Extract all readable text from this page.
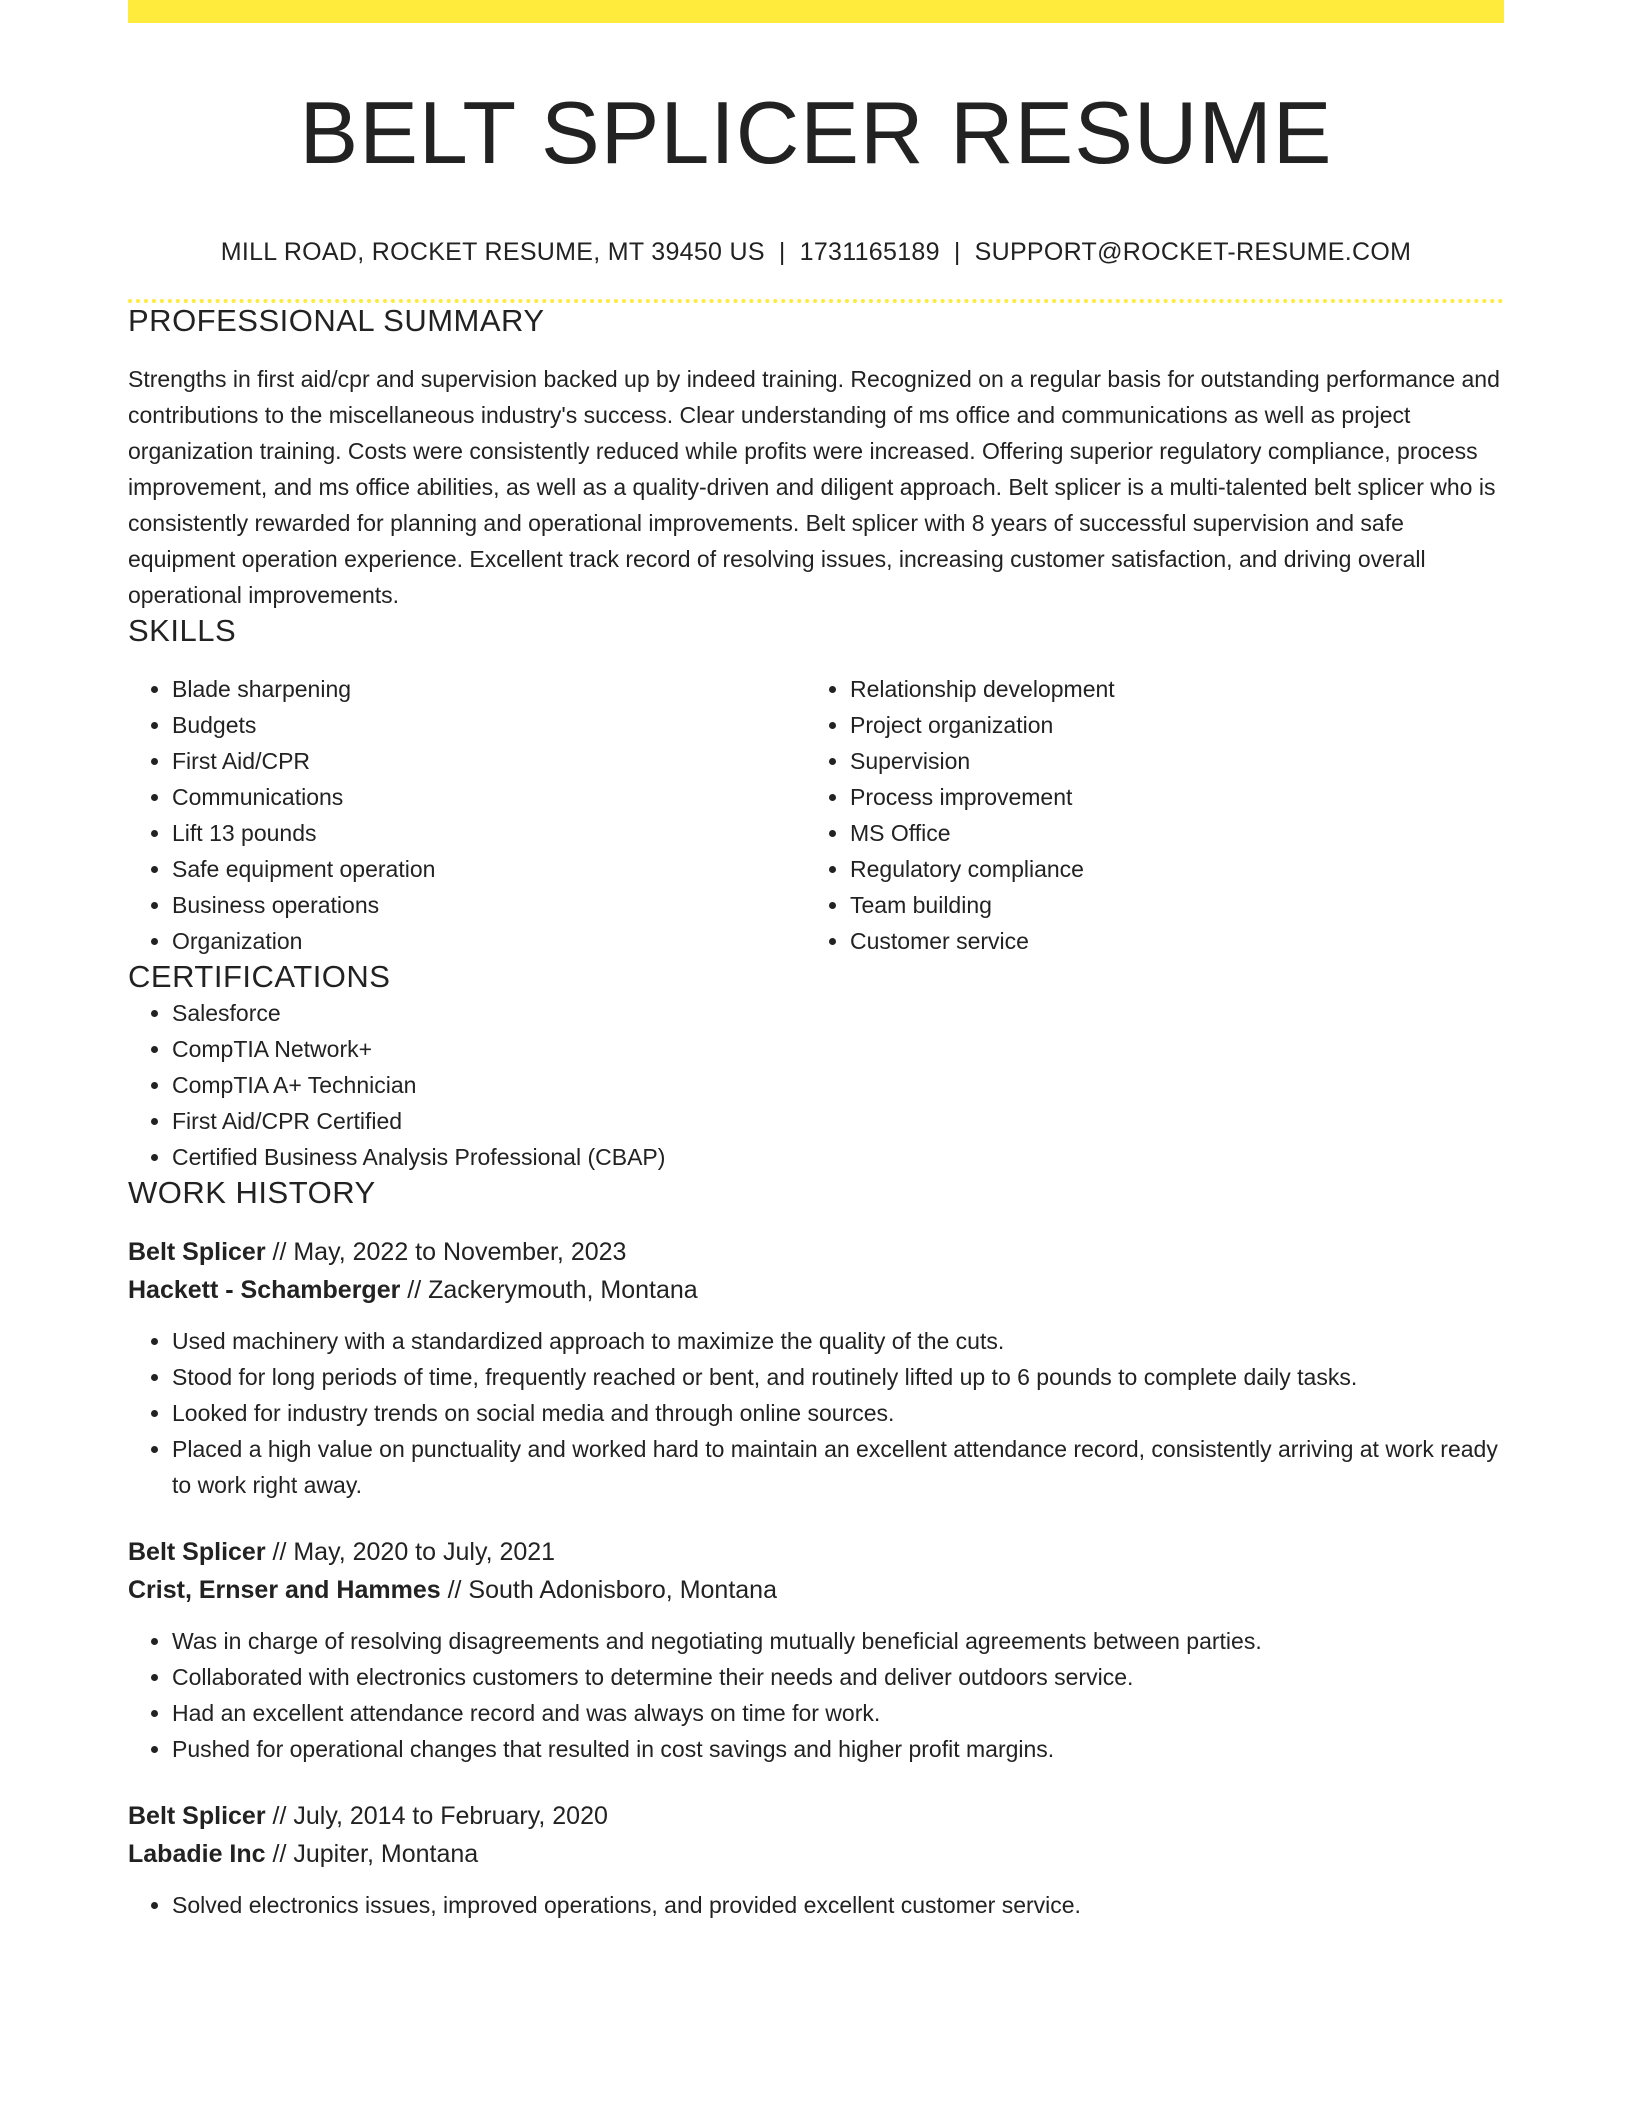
BELT SPLICER RESUME
MILL ROAD, ROCKET RESUME, MT 39450 US | 1731165189 | SUPPORT@ROCKET-RESUME.COM
PROFESSIONAL SUMMARY

Strengths in first aid/cpr and supervision backed up by indeed training. Recognized on a regular basis for outstanding performance and contributions to the miscellaneous industry's success. Clear understanding of ms office and communications as well as project organization training. Costs were consistently reduced while profits were increased. Offering superior regulatory compliance, process improvement, and ms office abilities, as well as a quality-driven and diligent approach. Belt splicer is a multi-talented belt splicer who is consistently rewarded for planning and operational improvements. Belt splicer with 8 years of successful supervision and safe equipment operation experience. Excellent track record of resolving issues, increasing customer satisfaction, and driving overall operational improvements.

SKILLS
• Blade sharpening
• Budgets
• First Aid/CPR
• Communications
• Lift 13 pounds
• Safe equipment operation
• Business operations
• Organization
• Relationship development
• Project organization
• Supervision
• Process improvement
• MS Office
• Regulatory compliance
• Team building
• Customer service
CERTIFICATIONS
• Salesforce
• CompTIA Network+
• CompTIA A+ Technician
• First Aid/CPR Certified
• Certified Business Analysis Professional (CBAP)
WORK HISTORY
Belt Splicer // May, 2022 to November, 2023
Hackett - Schamberger // Zackerymouth, Montana
• Used machinery with a standardized approach to maximize the quality of the cuts.
• Stood for long periods of time, frequently reached or bent, and routinely lifted up to 6 pounds to complete daily tasks.
• Looked for industry trends on social media and through online sources.
• Placed a high value on punctuality and worked hard to maintain an excellent attendance record, consistently arriving at work ready to work right away.
Belt Splicer // May, 2020 to July, 2021
Crist, Ernser and Hammes // South Adonisboro, Montana
• Was in charge of resolving disagreements and negotiating mutually beneficial agreements between parties.
• Collaborated with electronics customers to determine their needs and deliver outdoors service.
• Had an excellent attendance record and was always on time for work.
• Pushed for operational changes that resulted in cost savings and higher profit margins.
Belt Splicer // July, 2014 to February, 2020
Labadie Inc // Jupiter, Montana
• Solved electronics issues, improved operations, and provided excellent customer service.
